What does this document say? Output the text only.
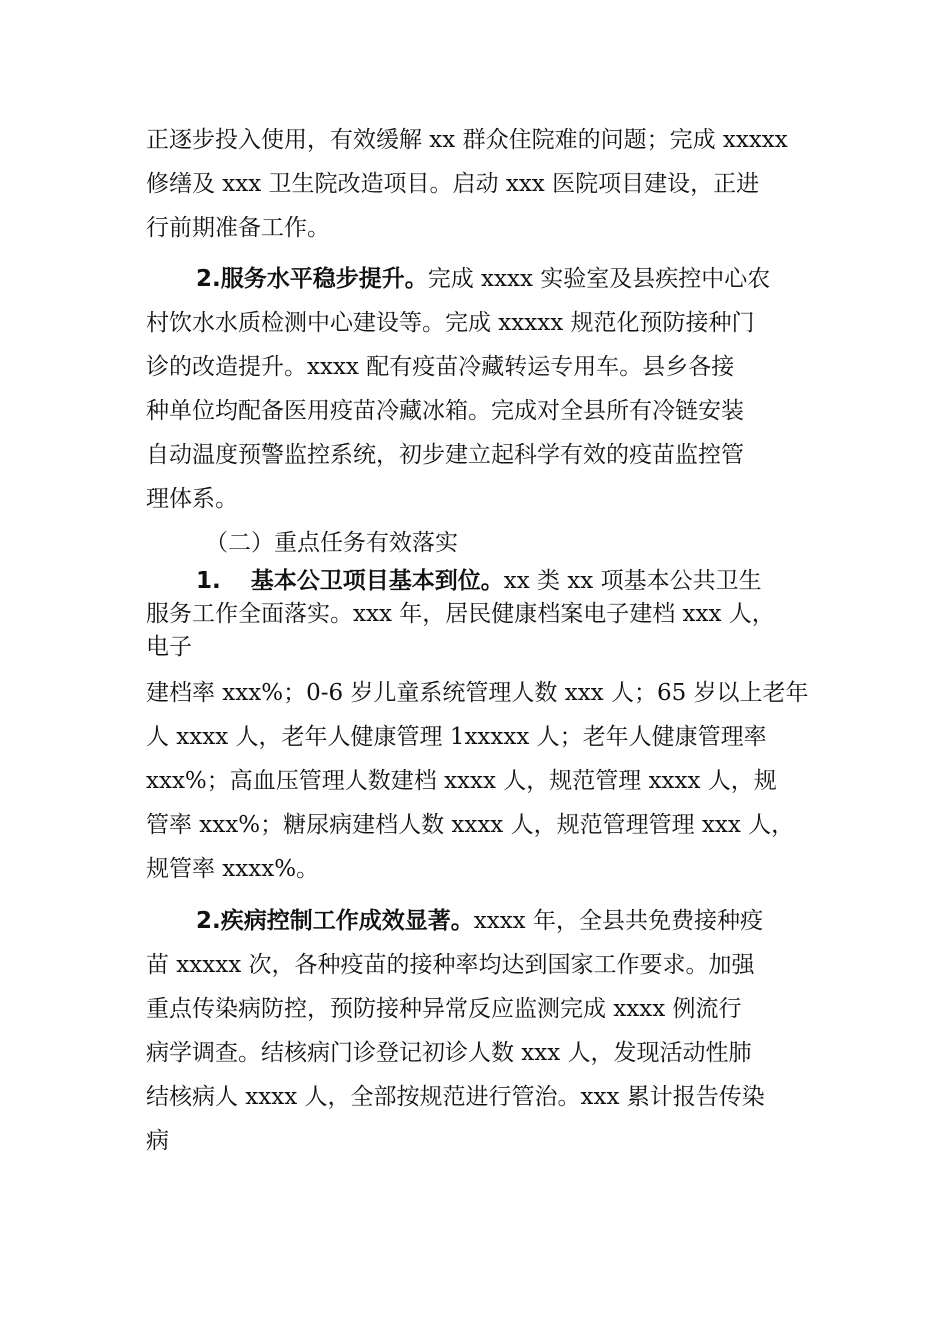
正逐步投入使用，有效缓解 xx 群众住院难的问题；完成 xxxxx
修缮及 xxx 卫生院改造项目。启动 xxx 医院项目建设，正进
行前期准备工作。
2.服务水平稳步提升。完成 xxxx 实验室及县疾控中心农
村饮水水质检测中心建设等。完成 xxxxx 规范化预防接种门
诊的改造提升。xxxx 配有疫苗冷藏转运专用车。县乡各接
种单位均配备医用疫苗冷藏冰箱。完成对全县所有冷链安装
自动温度预警监控系统，初步建立起科学有效的疫苗监控管
理体系。
（二）重点任务有效落实
1. 基本公卫项目基本到位。xx 类 xx 项基本公共卫生
服务工作全面落实。xxx 年，居民健康档案电子建档 xxx 人，
电子
建档率 xxx%；0-6 岁儿童系统管理人数 xxx 人；65 岁以上老年
人 xxxx 人，老年人健康管理 1xxxxx 人；老年人健康管理率
xxx%；高血压管理人数建档 xxxx 人，规范管理 xxxx 人，规
管率 xxx%；糖尿病建档人数 xxxx 人，规范管理管理 xxx 人，
规管率 xxxx%。
2.疾病控制工作成效显著。xxxx 年，全县共免费接种疫
苗 xxxxx 次，各种疫苗的接种率均达到国家工作要求。加强
重点传染病防控，预防接种异常反应监测完成 xxxx 例流行
病学调查。结核病门诊登记初诊人数 xxx 人，发现活动性肺
结核病人 xxxx 人，全部按规范进行管治。xxx 累计报告传染
病
